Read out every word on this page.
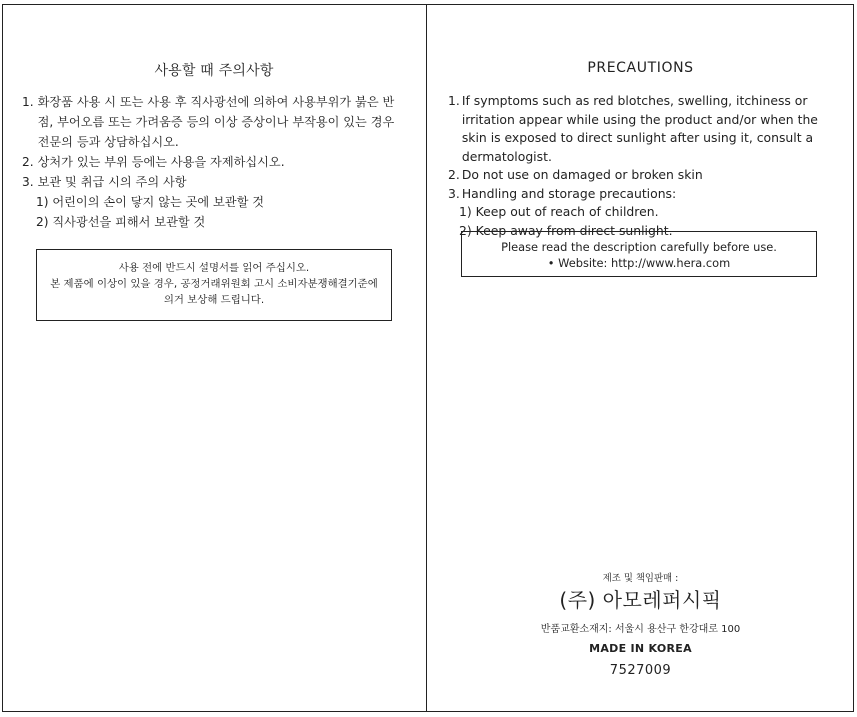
사용할 때 주의사항
1. 화장품 사용 시 또는 사용 후 직사광선에 의하여 사용부위가 붉은 반점, 부어오름 또는 가려움증 등의 이상 증상이나 부작용이 있는 경우 전문의 등과 상담하십시오.
2. 상처가 있는 부위 등에는 사용을 자제하십시오.
3. 보관 및 취급 시의 주의 사항
1) 어린이의 손이 닿지 않는 곳에 보관할 것
2) 직사광선을 피해서 보관할 것
사용 전에 반드시 설명서를 읽어 주십시오.
본 제품에 이상이 있을 경우, 공정거래위원회 고시 소비자분쟁해결기준에 의거 보상해 드립니다.
PRECAUTIONS
1. If symptoms such as red blotches, swelling, itchiness or irritation appear while using the product and/or when the skin is exposed to direct sunlight after using it, consult a dermatologist.
2. Do not use on damaged or broken skin
3. Handling and storage precautions:
1) Keep out of reach of children.
2) Keep away from direct sunlight.
Please read the description carefully before use.
• Website: http://www.hera.com
제조 및 책임판매 :
(주) 아모레퍼시픽
반품교환소재지: 서울시 용산구 한강대로 100
MADE IN KOREA
7527009
